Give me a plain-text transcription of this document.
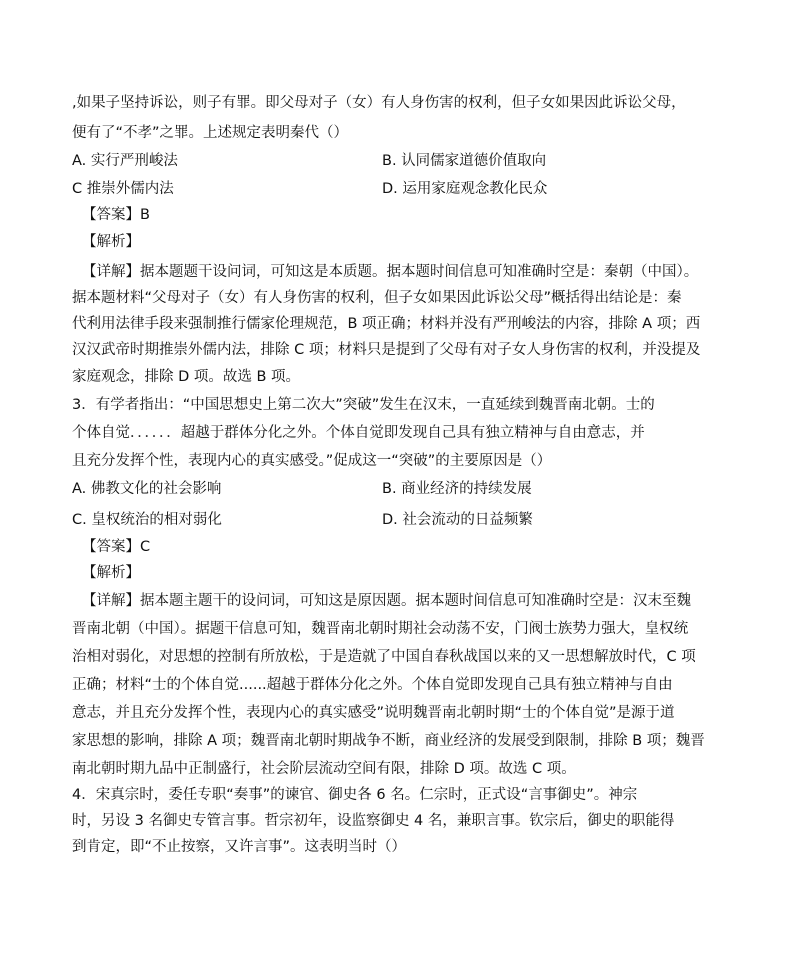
,如果子坚持诉讼，则子有罪。即父母对子（女）有人身伤害的权利，但子女如果因此诉讼父母，
便有了“不孝”之罪。上述规定表明秦代（）
A. 实行严刑峻法	B. 认同儒家道德价值取向
C 推崇外儒内法	D. 运用家庭观念教化民众
【答案】B
【解析】
【详解】据本题题干设问词，可知这是本质题。据本题时间信息可知准确时空是：秦朝（中国）。
据本题材料“父母对子（女）有人身伤害的权利，但子女如果因此诉讼父母”概括得出结论是：秦
代利用法律手段来强制推行儒家伦理规范，B 项正确；材料并没有严刑峻法的内容，排除 A 项；西
汉汉武帝时期推崇外儒内法，排除 C 项；材料只是提到了父母有对子女人身伤害的权利，并没提及
家庭观念，排除 D 项。故选 B 项。
3．有学者指出：“中国思想史上第二次大”突破”发生在汉末，一直延续到魏晋南北朝。士的
个体自觉．．．．．．超越于群体分化之外。个体自觉即发现自己具有独立精神与自由意志，并
且充分发挥个性，表现内心的真实感受。”促成这一“突破”的主要原因是（）
A. 佛教文化的社会影响	B. 商业经济的持续发展
C. 皇权统治的相对弱化	D. 社会流动的日益频繁
【答案】C
【解析】
【详解】据本题主题干的设问词，可知这是原因题。据本题时间信息可知准确时空是：汉末至魏
晋南北朝（中国）。据题干信息可知，魏晋南北朝时期社会动荡不安，门阀士族势力强大，皇权统
治相对弱化，对思想的控制有所放松，于是造就了中国自春秋战国以来的又一思想解放时代，C 项
正确；材料“士的个体自觉......超越于群体分化之外。个体自觉即发现自己具有独立精神与自由
意志，并且充分发挥个性，表现内心的真实感受”说明魏晋南北朝时期“士的个体自觉”是源于道
家思想的影响，排除 A 项；魏晋南北朝时期战争不断，商业经济的发展受到限制，排除 B 项；魏晋
南北朝时期九品中正制盛行，社会阶层流动空间有限，排除 D 项。故选 C 项。
4．宋真宗时，委任专职“奏事”的谏官、御史各 6 名。仁宗时，正式设“言事御史”。神宗
时，另设 3 名御史专管言事。哲宗初年，设监察御史 4 名，兼职言事。钦宗后，御史的职能得
到肯定，即“不止按察，又许言事”。这表明当时（）
